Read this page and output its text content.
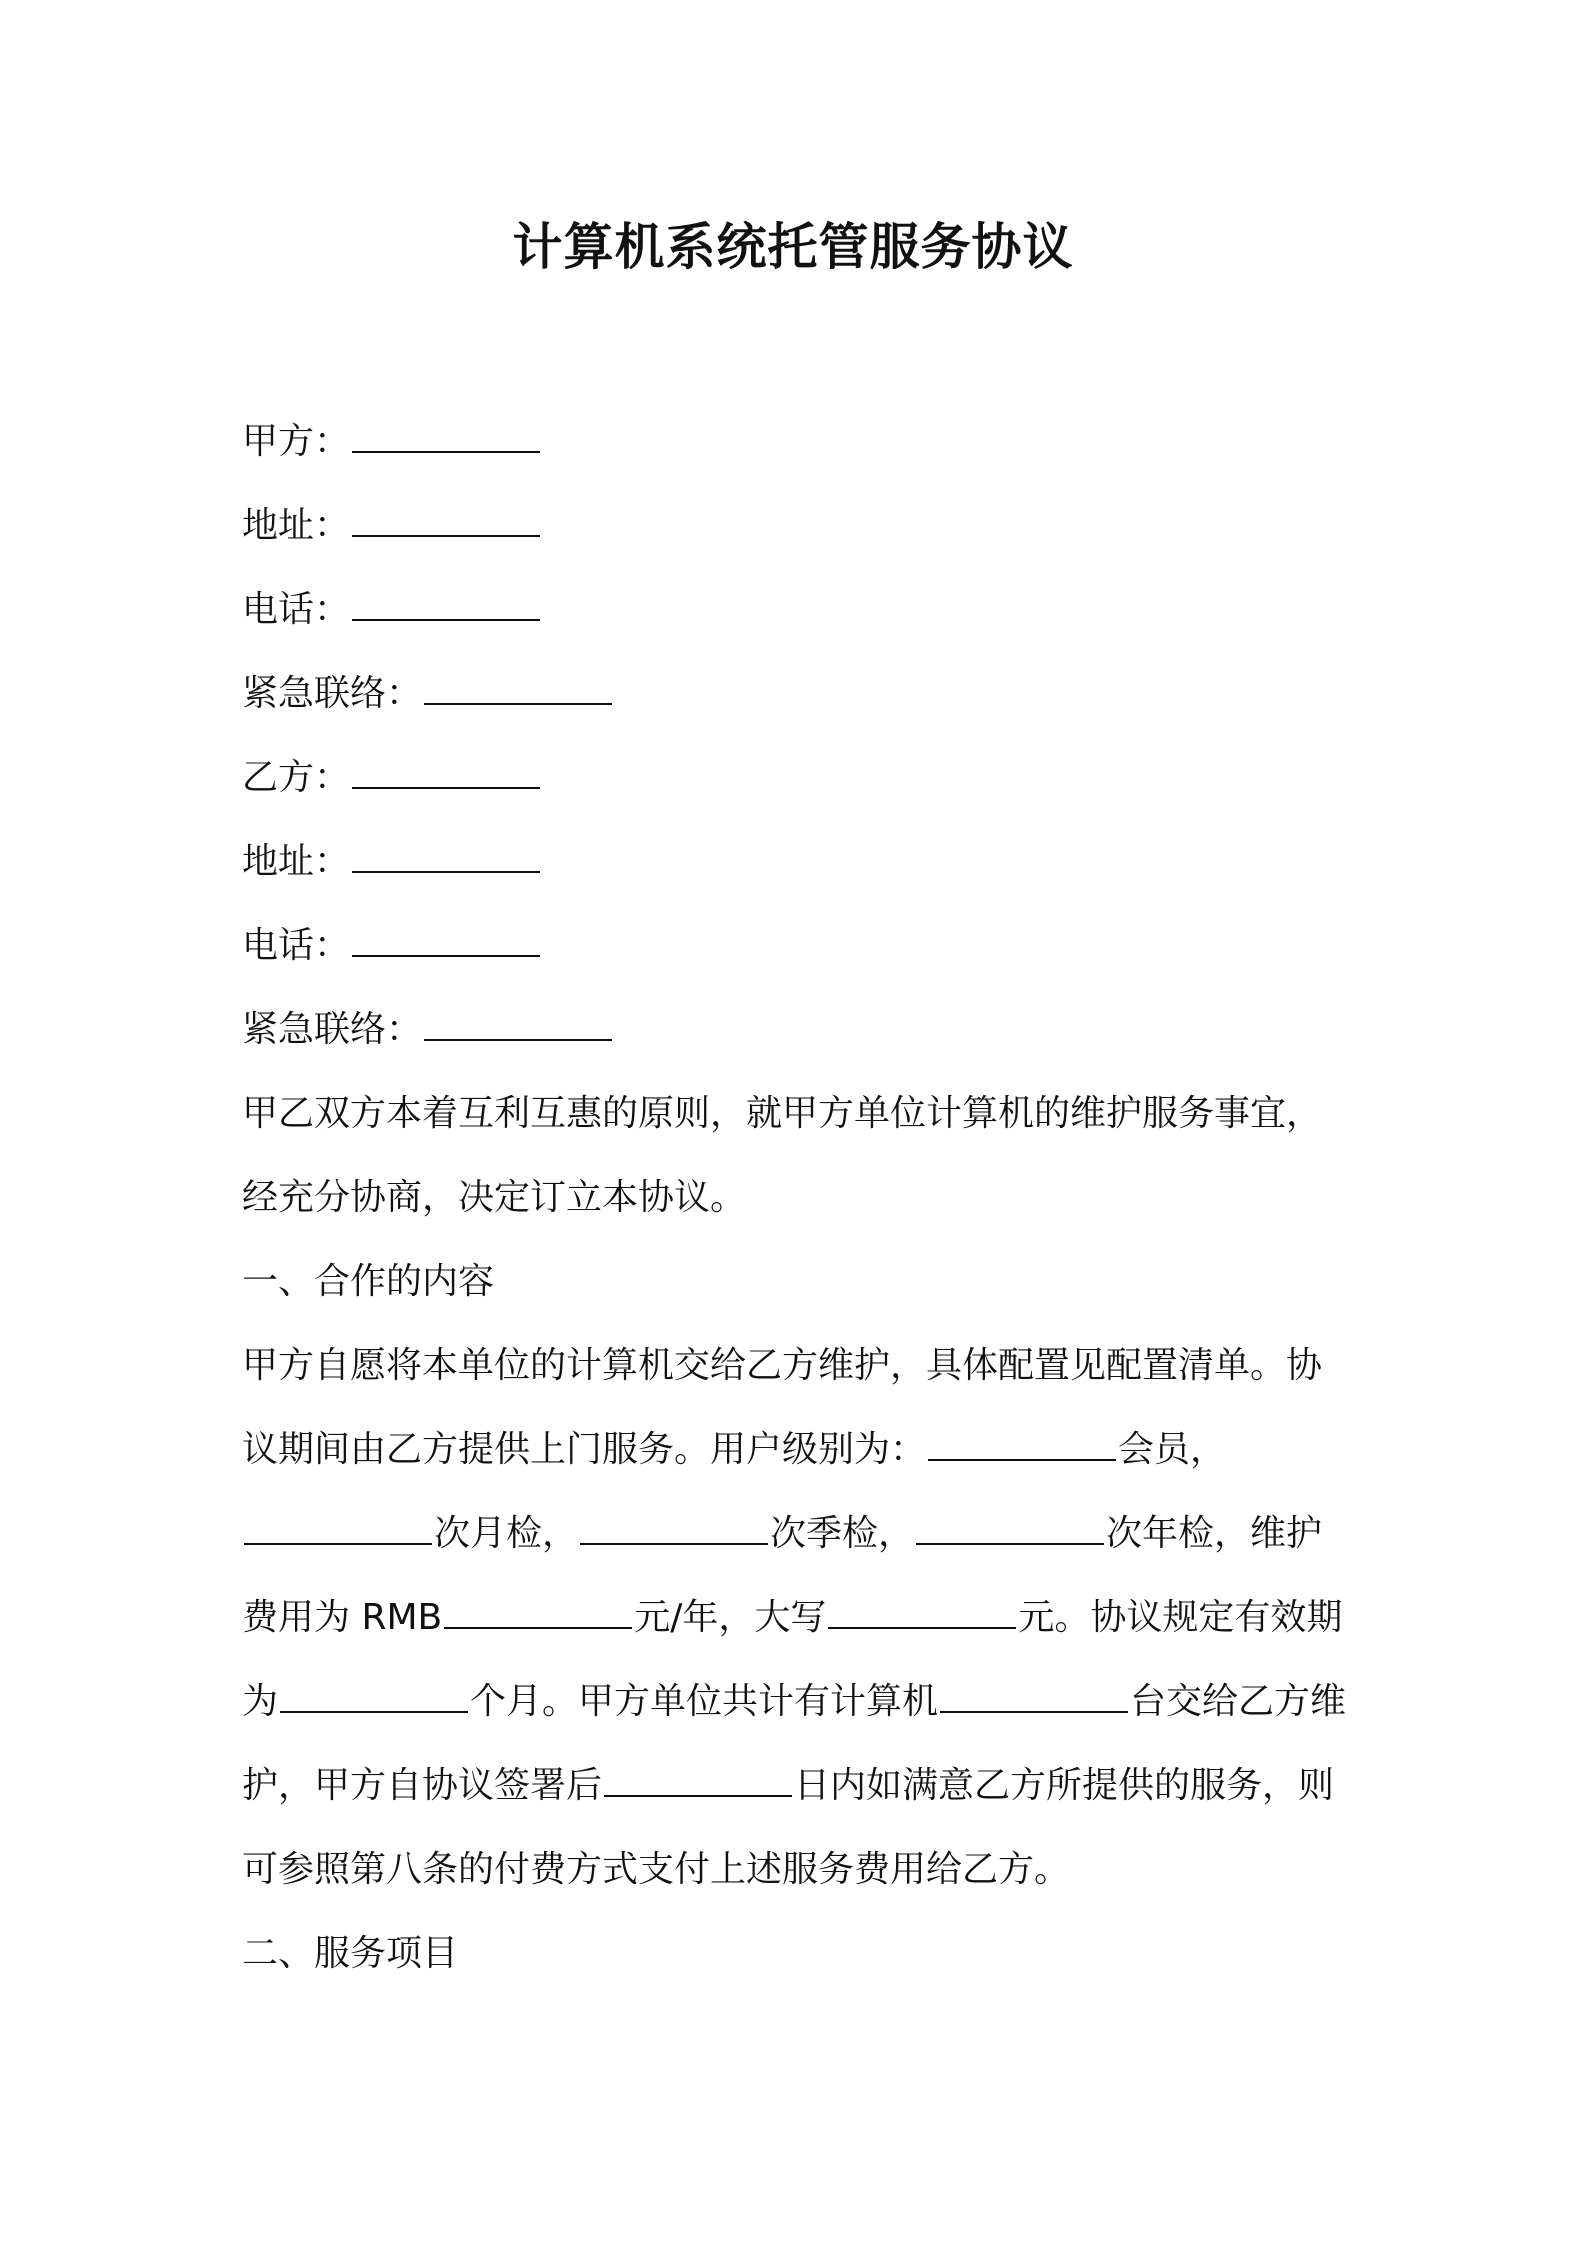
计算机系统托管服务协议
甲方：
地址：
电话：
紧急联络：
乙方：
地址：
电话：
紧急联络：
甲乙双方本着互利互惠的原则，就甲方单位计算机的维护服务事宜，
经充分协商，决定订立本协议。
一、合作的内容
甲方自愿将本单位的计算机交给乙方维护，具体配置见配置清单。协
议期间由乙方提供上门服务。用户级别为：	会员，
次月检，	次季检，	次年检，维护
费用为 RMB	元/年，大写	元。协议规定有效期
为	个月。甲方单位共计有计算机	台交给乙方维
护，甲方自协议签署后	日内如满意乙方所提供的服务，则
可参照第八条的付费方式支付上述服务费用给乙方。
二、服务项目
